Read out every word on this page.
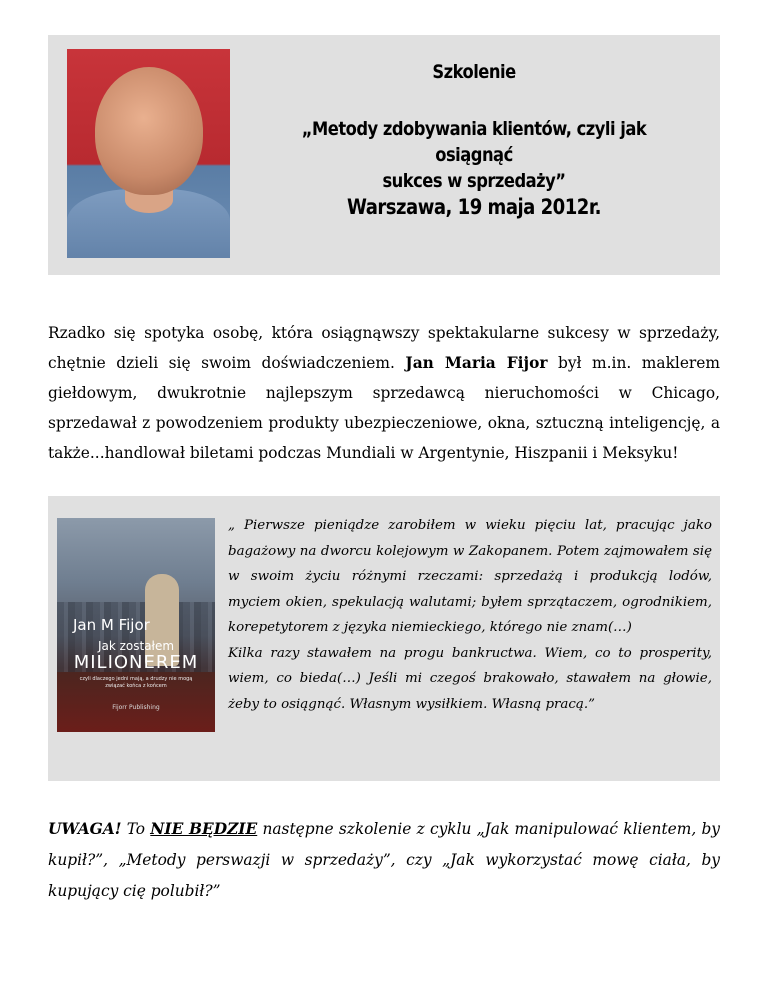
Szkolenie
„Metody zdobywania klientów, czyli jak osiągnąć
sukces w sprzedaży”
Warszawa, 19 maja 2012r.
Rzadko się spotyka osobę, która osiągnąwszy spektakularne sukcesy w sprzedaży, chętnie dzieli się swoim doświadczeniem. Jan Maria Fijor był m.in. maklerem giełdowym, dwukrotnie najlepszym sprzedawcą nieruchomości w Chicago, sprzedawał z powodzeniem produkty ubezpieczeniowe, okna, sztuczną inteligencję, a także...handlował biletami podczas Mundiali w Argentynie, Hiszpanii i Meksyku!
Jan M Fijor
Jak zostałem
MILIONEREM
czyli dlaczego jedni mają, a drudzy nie mogą związać końca z końcem
Fijorr Publishing
„ Pierwsze pieniądze zarobiłem w wieku pięciu lat, pracując jako bagażowy na dworcu kolejowym w Zakopanem. Potem zajmowałem się w swoim życiu różnymi rzeczami: sprzedażą i produkcją lodów, myciem okien, spekulacją walutami; byłem sprzątaczem, ogrodnikiem, korepetytorem z języka niemieckiego, którego nie znam(…)
Kilka razy stawałem na progu bankructwa. Wiem, co to prosperity, wiem, co bieda(…) Jeśli mi czegoś brakowało, stawałem na głowie, żeby to osiągnąć. Własnym wysiłkiem. Własną pracą.”
UWAGA! To NIE BĘDZIE następne szkolenie z cyklu „Jak manipulować klientem, by kupił?”, „Metody perswazji w sprzedaży”, czy „Jak wykorzystać mowę ciała, by kupujący cię polubił?”
